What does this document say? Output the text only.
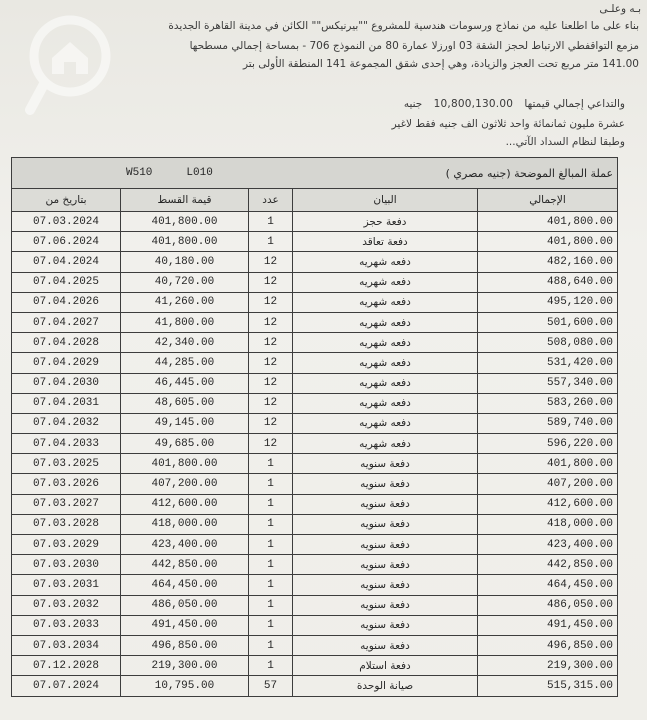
بـه وعلـى
بناء على ما اطلعنا عليه من نماذج ورسومات هندسية للمشروع ""بيرنيكس"" الكائن في مدينة القاهرة الجديدة
مزمع التواقفطي الارتباط لحجز الشقة 03 اورزلا عمارة 80 من النموذج 706 - بمساحة إجمالي مسطحها
141.00 متر مربع تحت العجز والزيادة، وهي إحدى شقق المجموعة 141 المنطقة الأولى بتر
والتداعي إجمالي قيمتها 10,800,130.00 جنيه
عشرة مليون ثمانمائة واحد ثلاثون الف جنيه فقط لاغير
وطبقا لنظام السداد الآتي...
W510 L010 عملة المبالغ الموضحة (جنيه مصري )				

بتاريخ من	قيمة القسط	عدد	البيان	الإجمالي
07.03.2024	401,800.00	1	دفعة حجز	401,800.00
07.06.2024	401,800.00	1	دفعة تعاقد	401,800.00
07.04.2024	40,180.00	12	دفعه شهريه	482,160.00
07.04.2025	40,720.00	12	دفعه شهريه	488,640.00
07.04.2026	41,260.00	12	دفعه شهريه	495,120.00
07.04.2027	41,800.00	12	دفعه شهريه	501,600.00
07.04.2028	42,340.00	12	دفعه شهريه	508,080.00
07.04.2029	44,285.00	12	دفعه شهريه	531,420.00
07.04.2030	46,445.00	12	دفعه شهريه	557,340.00
07.04.2031	48,605.00	12	دفعه شهريه	583,260.00
07.04.2032	49,145.00	12	دفعه شهريه	589,740.00
07.04.2033	49,685.00	12	دفعه شهريه	596,220.00
07.03.2025	401,800.00	1	دفعة سنويه	401,800.00
07.03.2026	407,200.00	1	دفعة سنويه	407,200.00
07.03.2027	412,600.00	1	دفعة سنويه	412,600.00
07.03.2028	418,000.00	1	دفعة سنويه	418,000.00
07.03.2029	423,400.00	1	دفعة سنويه	423,400.00
07.03.2030	442,850.00	1	دفعة سنويه	442,850.00
07.03.2031	464,450.00	1	دفعة سنويه	464,450.00
07.03.2032	486,050.00	1	دفعة سنويه	486,050.00
07.03.2033	491,450.00	1	دفعة سنويه	491,450.00
07.03.2034	496,850.00	1	دفعة سنويه	496,850.00
07.12.2028	219,300.00	1	دفعة استلام	219,300.00
07.07.2024	10,795.00	57	صيانة الوحدة	515,315.00
